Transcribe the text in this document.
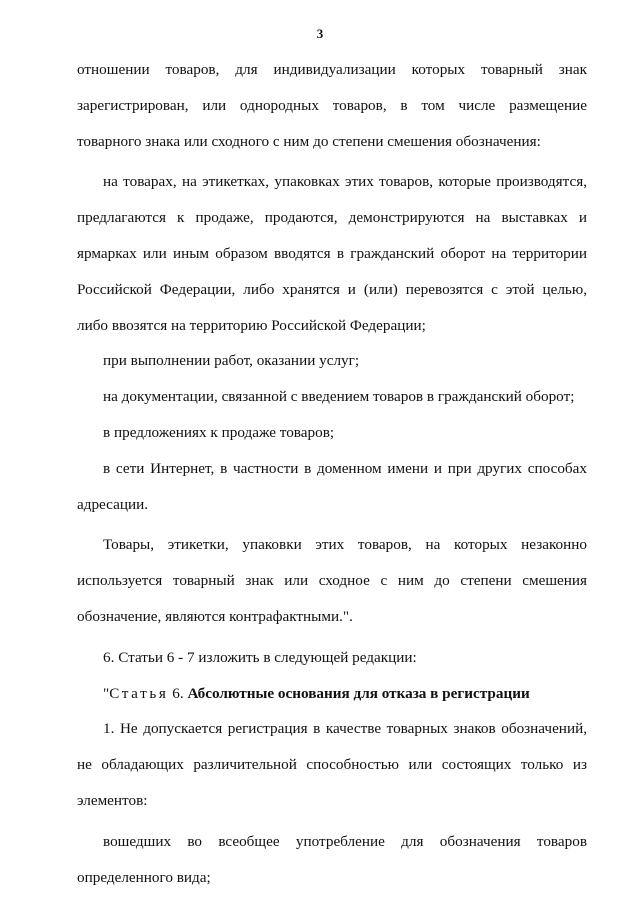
3
отношении товаров, для индивидуализации которых товарный знак
зарегистрирован, или однородных товаров, в том числе размещение
товарного знака или сходного с ним до степени смешения обозначения:
на товарах, на этикетках, упаковках этих товаров, которые производятся,
предлагаются к продаже, продаются, демонстрируются на выставках и
ярмарках или иным образом вводятся в гражданский оборот на территории
Российской Федерации, либо хранятся и (или) перевозятся с этой целью,
либо ввозятся на территорию Российской Федерации;
при выполнении работ, оказании услуг;
на документации, связанной с введением товаров в гражданский оборот;
в предложениях к продаже товаров;
в сети Интернет, в частности в доменном имени и при других способах
адресации.
Товары, этикетки, упаковки этих товаров, на которых незаконно
используется товарный знак или сходное с ним до степени смешения
обозначение, являются контрафактными.".
6. Статьи 6 - 7 изложить в следующей редакции:
"Статья 6. Абсолютные основания для отказа в регистрации
1. Не допускается регистрация в качестве товарных знаков обозначений,
не обладающих различительной способностью или состоящих только из
элементов:
вошедших во всеобщее употребление для обозначения товаров
определенного вида;
